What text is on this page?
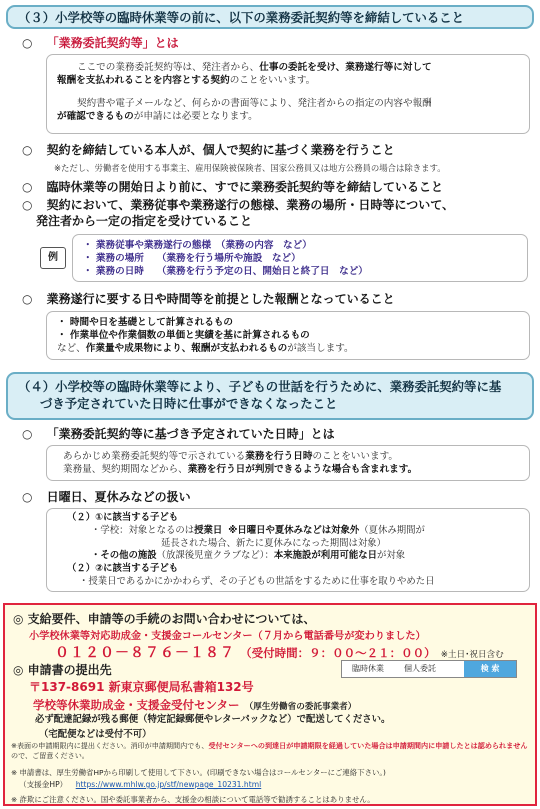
（３）小学校等の臨時休業等の前に、以下の業務委託契約等を締結していること
○ 「業務委託契約等」とは
ここでの業務委託契約等は、発注者から、仕事の委託を受け、業務遂行等に対して
報酬を支払われることを内容とする契約のことをいいます。
契約書や電子メールなど、何らかの書面等により、発注者からの指定の内容や報酬
が確認できるものが申請には必要となります。
○ 契約を締結している本人が、個人で契約に基づく業務を行うこと
※ただし、労働者を使用する事業主、雇用保険被保険者、国家公務員又は地方公務員の場合は除きます。
○ 臨時休業等の開始日より前に、すでに業務委託契約等を締結していること
○ 契約において、業務従事や業務遂行の態様、業務の場所・日時等について、
発注者から一定の指定を受けていること
例
・ 業務従事や業務遂行の態様　（業務の内容　など）
・ 業務の場所　 （業務を行う場所や施設　など）
・ 業務の日時　 （業務を行う予定の日、開始日と終了日　など）
○ 業務遂行に要する日や時間等を前提とした報酬となっていること
・ 時間や日を基礎として計算されるもの
・ 作業単位や作業個数の単価と実績を基に計算されるもの
など、作業量や成果物により、報酬が支払われるものが該当します。
（４）小学校等の臨時休業等により、子どもの世話を行うために、業務委託契約等に基
づき予定されていた日時に仕事ができなくなったこと
○ 「業務委託契約等に基づき予定されていた日時」とは
あらかじめ業務委託契約等で示されている業務を行う日時のことをいいます。
業務量、契約期間などから、業務を行う日が判別できるような場合も含まれます。
○ 日曜日、夏休みなどの扱い
（２）①に該当する子ども
・学校：対象となるのは授業日 ※日曜日や夏休みなどは対象外（夏休み期間が
延長された場合、新たに夏休みになった期間は対象）
・その他の施設（放課後児童クラブなど）：本来施設が利用可能な日が対象
（２）②に該当する子ども
・授業日であるかにかかわらず、その子どもの世話をするために仕事を取りやめた日
◎ 支給要件、申請等の手続のお問い合わせについては、
小学校休業等対応助成金・支援金コールセンター（７月から電話番号が変わりました）
０１２０－８７６－１８７ （受付時間：９：００～２１：００） ※土日･祝日含む
◎ 申請書の提出先	臨時休業	個人委託	検 索
〒137-8691 新東京郵便局私書箱132号
学校等休業助成金・支援金受付センター （厚生労働省の委託事業者）
必ず配達記録が残る郵便（特定記録郵便やレターパックなど）で配送してください。
（宅配便などは受付不可）
※表面の申請期限内に提出ください。消印が申請期間内でも、受付センターへの到達日が申請期限を経過していた場合は申請期間内に申請したとは認められませんので、ご留意ください。
※ 申請書は、厚生労働省HPから印刷して使用して下さい。(印刷できない場合はコールセンターにご連絡下さい。)
（支援金HP） https://www.mhlw.go.jp/stf/newpage_10231.html
※ 詐欺にご注意ください。国や委託事業者から、支援金の相談について電話等で勧誘することはありません。
